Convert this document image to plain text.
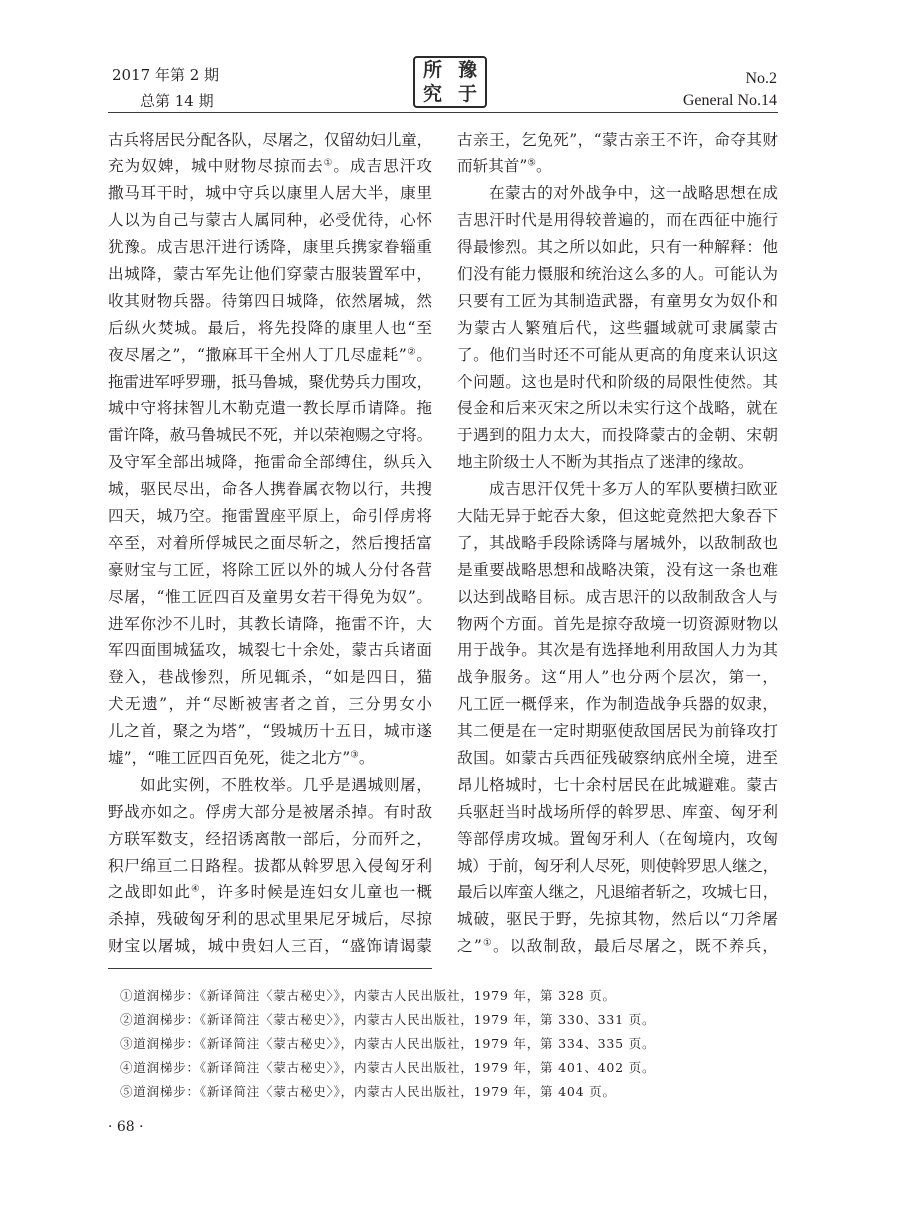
2017 年第 2 期
总第 14 期
所 豫
究 于
No.2
General No.14
古兵将居民分配各队，尽屠之，仅留幼妇儿童，
充为奴婢，城中财物尽掠而去①。成吉思汗攻
撒马耳干时，城中守兵以康里人居大半，康里
人以为自己与蒙古人属同种，必受优待，心怀
犹豫。成吉思汗进行诱降，康里兵携家眷辎重
出城降，蒙古军先让他们穿蒙古服装置军中，
收其财物兵器。待第四日城降，依然屠城，然
后纵火焚城。最后，将先投降的康里人也“至
夜尽屠之”，“撒麻耳干全州人丁几尽虚耗”②。
拖雷进军呼罗珊，抵马鲁城，聚优势兵力围攻，
城中守将抹智儿木勒克遣一教长厚币请降。拖
雷许降，赦马鲁城民不死，并以荣袍赐之守将。
及守军全部出城降，拖雷命全部缚住，纵兵入
城，驱民尽出，命各人携眷属衣物以行，共搜
四天，城乃空。拖雷置座平原上，命引俘虏将
卒至，对着所俘城民之面尽斩之，然后搜括富
豪财宝与工匠，将除工匠以外的城人分付各营
尽屠，“惟工匠四百及童男女若干得免为奴”。
进军你沙不儿时，其教长请降，拖雷不许，大
军四面围城猛攻，城裂七十余处，蒙古兵诸面
登入，巷战惨烈，所见辄杀，“如是四日，猫
犬无遗”，并“尽断被害者之首，三分男女小
儿之首，聚之为塔”，“毁城历十五日，城市遂
墟”，“唯工匠四百免死，徙之北方”③。
如此实例，不胜枚举。几乎是遇城则屠，
野战亦如之。俘虏大部分是被屠杀掉。有时敌
方联军数支，经招诱离散一部后，分而歼之，
积尸绵亘二日路程。拔都从斡罗思入侵匈牙利
之战即如此④，许多时候是连妇女儿童也一概
杀掉，残破匈牙利的思忒里果尼牙城后，尽掠
财宝以屠城，城中贵妇人三百，“盛饰请谒蒙
古亲王，乞免死”，“蒙古亲王不许，命夺其财
而斩其首”⑤。
在蒙古的对外战争中，这一战略思想在成
吉思汗时代是用得较普遍的，而在西征中施行
得最惨烈。其之所以如此，只有一种解释：他
们没有能力慑服和统治这么多的人。可能认为
只要有工匠为其制造武器，有童男女为奴仆和
为蒙古人繁殖后代，这些疆域就可隶属蒙古
了。他们当时还不可能从更高的角度来认识这
个问题。这也是时代和阶级的局限性使然。其
侵金和后来灭宋之所以未实行这个战略，就在
于遇到的阻力太大，而投降蒙古的金朝、宋朝
地主阶级士人不断为其指点了迷津的缘故。
成吉思汗仅凭十多万人的军队要横扫欧亚
大陆无异于蛇吞大象，但这蛇竟然把大象吞下
了，其战略手段除诱降与屠城外，以敌制敌也
是重要战略思想和战略决策，没有这一条也难
以达到战略目标。成吉思汗的以敌制敌含人与
物两个方面。首先是掠夺敌境一切资源财物以
用于战争。其次是有选择地利用敌国人力为其
战争服务。这“用人”也分两个层次，第一，
凡工匠一概俘来，作为制造战争兵器的奴隶，
其二便是在一定时期驱使敌国居民为前锋攻打
敌国。如蒙古兵西征残破察纳底州全境，进至
昂儿格城时，七十余村居民在此城避难。蒙古
兵驱赶当时战场所俘的斡罗思、库蛮、匈牙利
等部俘虏攻城。置匈牙利人（在匈境内，攻匈
城）于前，匈牙利人尽死，则使斡罗思人继之，
最后以库蛮人继之，凡退缩者斩之，攻城七日，
城破，驱民于野，先掠其物，然后以“刀斧屠
之”①。以敌制敌，最后尽屠之，既不养兵，
①道润梯步：《新译简注〈蒙古秘史〉》，内蒙古人民出版社，1979 年，第 328 页。
②道润梯步：《新译简注〈蒙古秘史〉》，内蒙古人民出版社，1979 年，第 330、331 页。
③道润梯步：《新译简注〈蒙古秘史〉》，内蒙古人民出版社，1979 年，第 334、335 页。
④道润梯步：《新译简注〈蒙古秘史〉》，内蒙古人民出版社，1979 年，第 401、402 页。
⑤道润梯步：《新译简注〈蒙古秘史〉》，内蒙古人民出版社，1979 年，第 404 页。
· 68 ·
